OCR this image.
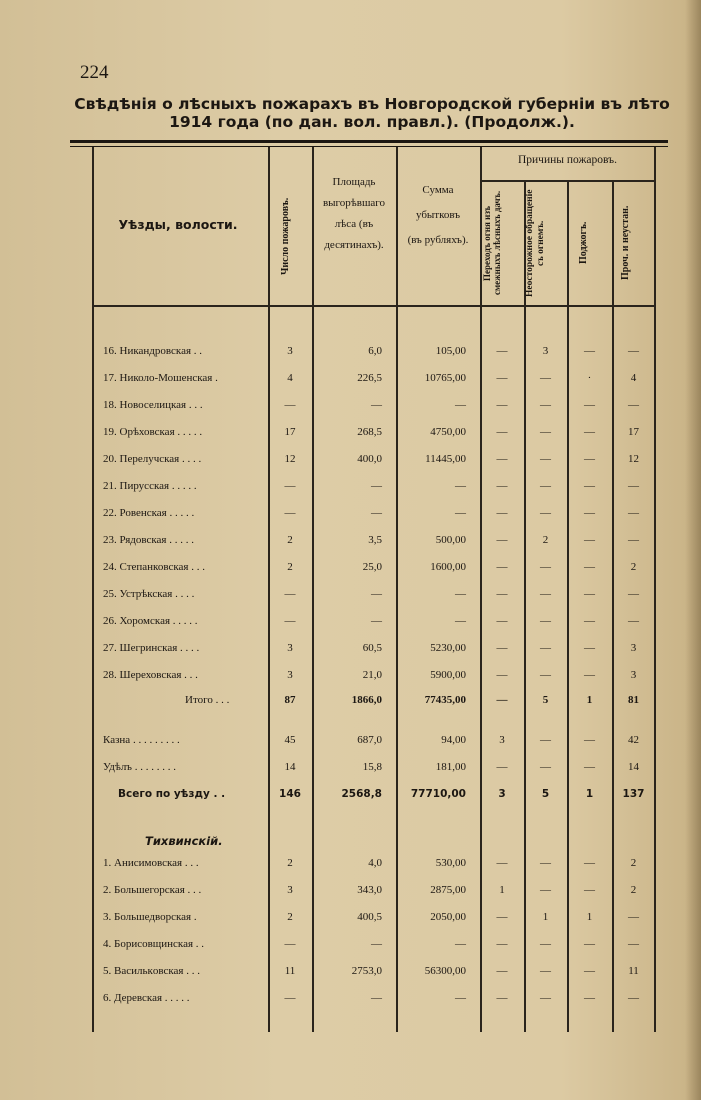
224
Свѣдѣнія о лѣсныхъ пожарахъ въ Новгородской губерніи въ лѣто
1914 года (по дан. вол. правл.). (Продолж.).
Уѣзды, волости.	Число пожаровъ.
Площадь
выгорѣвшаго
лѣса (въ
десятинахъ).
Сумма
убытковъ
(въ рубляхъ).
Причины пожаровъ.
Переходъ огня изъ смежныхъ лѣсныхъ дачъ.	Неосторожное обращеніе съ огнемъ.	Поджогъ.	Проч. и неустан.
16. Никандровская . .	3	6,0	105,00	—	3	—	—
17. Николо-Мошенская .	4	226,5	10765,00	—	—	·	4
18. Новоселицкая . . .	—	—	—	—	—	—	—
19. Орѣховская . . . . .	17	268,5	4750,00	—	—	—	17
20. Перелучская . . . .	12	400,0	11445,00	—	—	—	12
21. Пирусская . . . . .	—	—	—	—	—	—	—
22. Ровенская . . . . .	—	—	—	—	—	—	—
23. Рядовская . . . . .	2	3,5	500,00	—	2	—	—
24. Степанковская . . .	2	25,0	1600,00	—	—	—	2
25. Устрѣкская . . . .	—	—	—	—	—	—	—
26. Хоромская . . . . .	—	—	—	—	—	—	—
27. Шегринская . . . .	3	60,5	5230,00	—	—	—	3
28. Шереховская . . .	3	21,0	5900,00	—	—	—	3
Итого . . .	87	1866,0	77435,00	—	5	1	81
Казна . . . . . . . . .	45	687,0	94,00	3	—	—	42
Удѣлъ . . . . . . . .	14	15,8	181,00	—	—	—	14
Всего по уѣзду . .	146	2568,8	77710,00	3	5	1	137
Тихвинскій.
1. Анисимовская . . .	2	4,0	530,00	—	—	—	2
2. Большегорская . . .	3	343,0	2875,00	1	—	—	2
3. Большедворская .	2	400,5	2050,00	—	1	1	—
4. Борисовщинская . .	—	—	—	—	—	—	—
5. Василькoвская . . .	11	2753,0	56300,00	—	—	—	11
6. Деревская . . . . .	—	—	—	—	—	—	—
